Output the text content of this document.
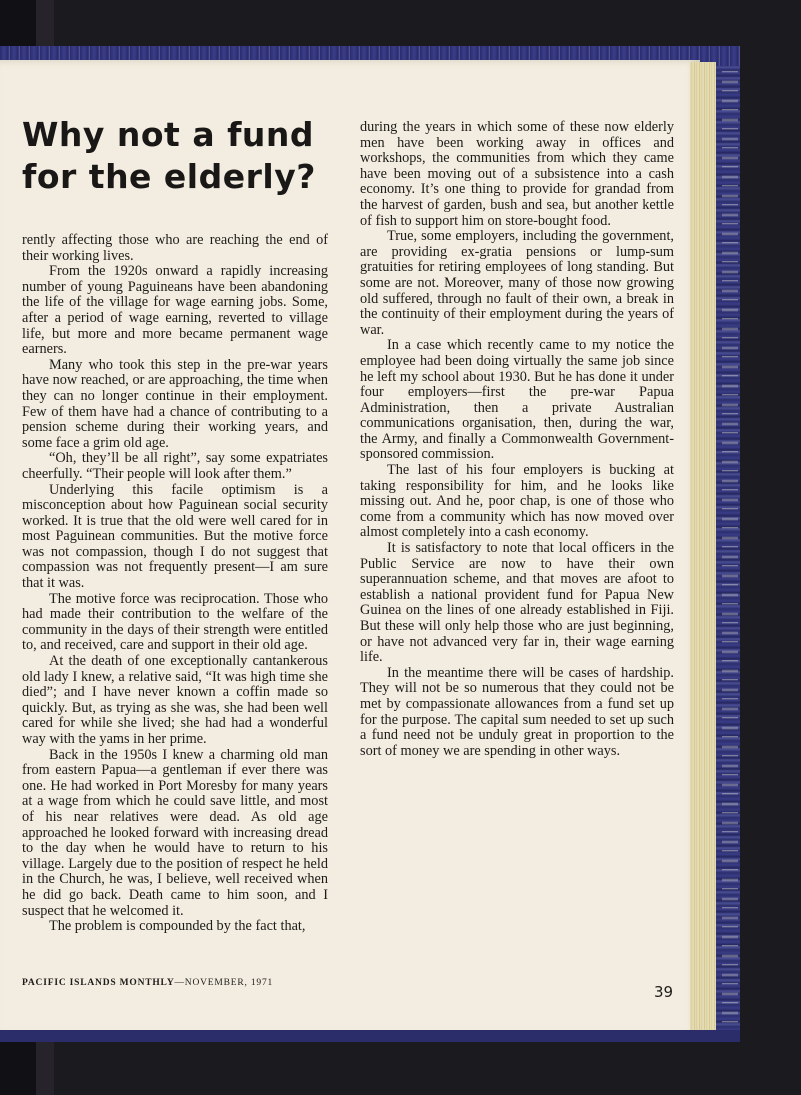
Why not a fund for the elderly?

rently affecting those who are reaching the end of their working lives.

From the 1920s onward a rapidly increasing number of young Paguineans have been abandoning the life of the village for wage earning jobs. Some, after a period of wage earning, reverted to village life, but more and more became permanent wage earners.

Many who took this step in the pre-war years have now reached, or are approaching, the time when they can no longer continue in their employment. Few of them have had a chance of contributing to a pension scheme during their working years, and some face a grim old age.

“Oh, they’ll be all right”, say some expatriates cheerfully. “Their people will look after them.”

Underlying this facile optimism is a misconception about how Paguinean social security worked. It is true that the old were well cared for in most Paguinean communities. But the motive force was not compassion, though I do not suggest that compassion was not frequently present—I am sure that it was.

The motive force was reciprocation. Those who had made their contribution to the welfare of the community in the days of their strength were entitled to, and received, care and support in their old age.

At the death of one exceptionally cantankerous old lady I knew, a relative said, “It was high time she died”; and I have never known a coffin made so quickly. But, as trying as she was, she had been well cared for while she lived; she had had a wonderful way with the yams in her prime.

Back in the 1950s I knew a charming old man from eastern Papua—a gentleman if ever there was one. He had worked in Port Moresby for many years at a wage from which he could save little, and most of his near relatives were dead. As old age approached he looked forward with increasing dread to the day when he would have to return to his village. Largely due to the position of respect he held in the Church, he was, I believe, well received when he did go back. Death came to him soon, and I suspect that he welcomed it.

The problem is compounded by the fact that,

during the years in which some of these now elderly men have been working away in offices and workshops, the communities from which they came have been moving out of a subsistence into a cash economy. It’s one thing to provide for grandad from the harvest of garden, bush and sea, but another kettle of fish to support him on store-bought food.

True, some employers, including the government, are providing ex-gratia pensions or lump-sum gratuities for retiring employees of long standing. But some are not. Moreover, many of those now growing old suffered, through no fault of their own, a break in the continuity of their employment during the years of war.

In a case which recently came to my notice the employee had been doing virtually the same job since he left my school about 1930. But he has done it under four employers—first the pre-war Papua Administration, then a private Australian communications organisation, then, during the war, the Army, and finally a Commonwealth Government-sponsored commission.

The last of his four employers is bucking at taking responsibility for him, and he looks like missing out. And he, poor chap, is one of those who come from a community which has now moved over almost completely into a cash economy.

It is satisfactory to note that local officers in the Public Service are now to have their own superannuation scheme, and that moves are afoot to establish a national provident fund for Papua New Guinea on the lines of one already established in Fiji. But these will only help those who are just beginning, or have not advanced very far in, their wage earning life.

In the meantime there will be cases of hardship. They will not be so numerous that they could not be met by compassionate allowances from a fund set up for the purpose. The capital sum needed to set up such a fund need not be unduly great in proportion to the sort of money we are spending in other ways.

PACIFIC ISLANDS MONTHLY—NOVEMBER, 1971	39
